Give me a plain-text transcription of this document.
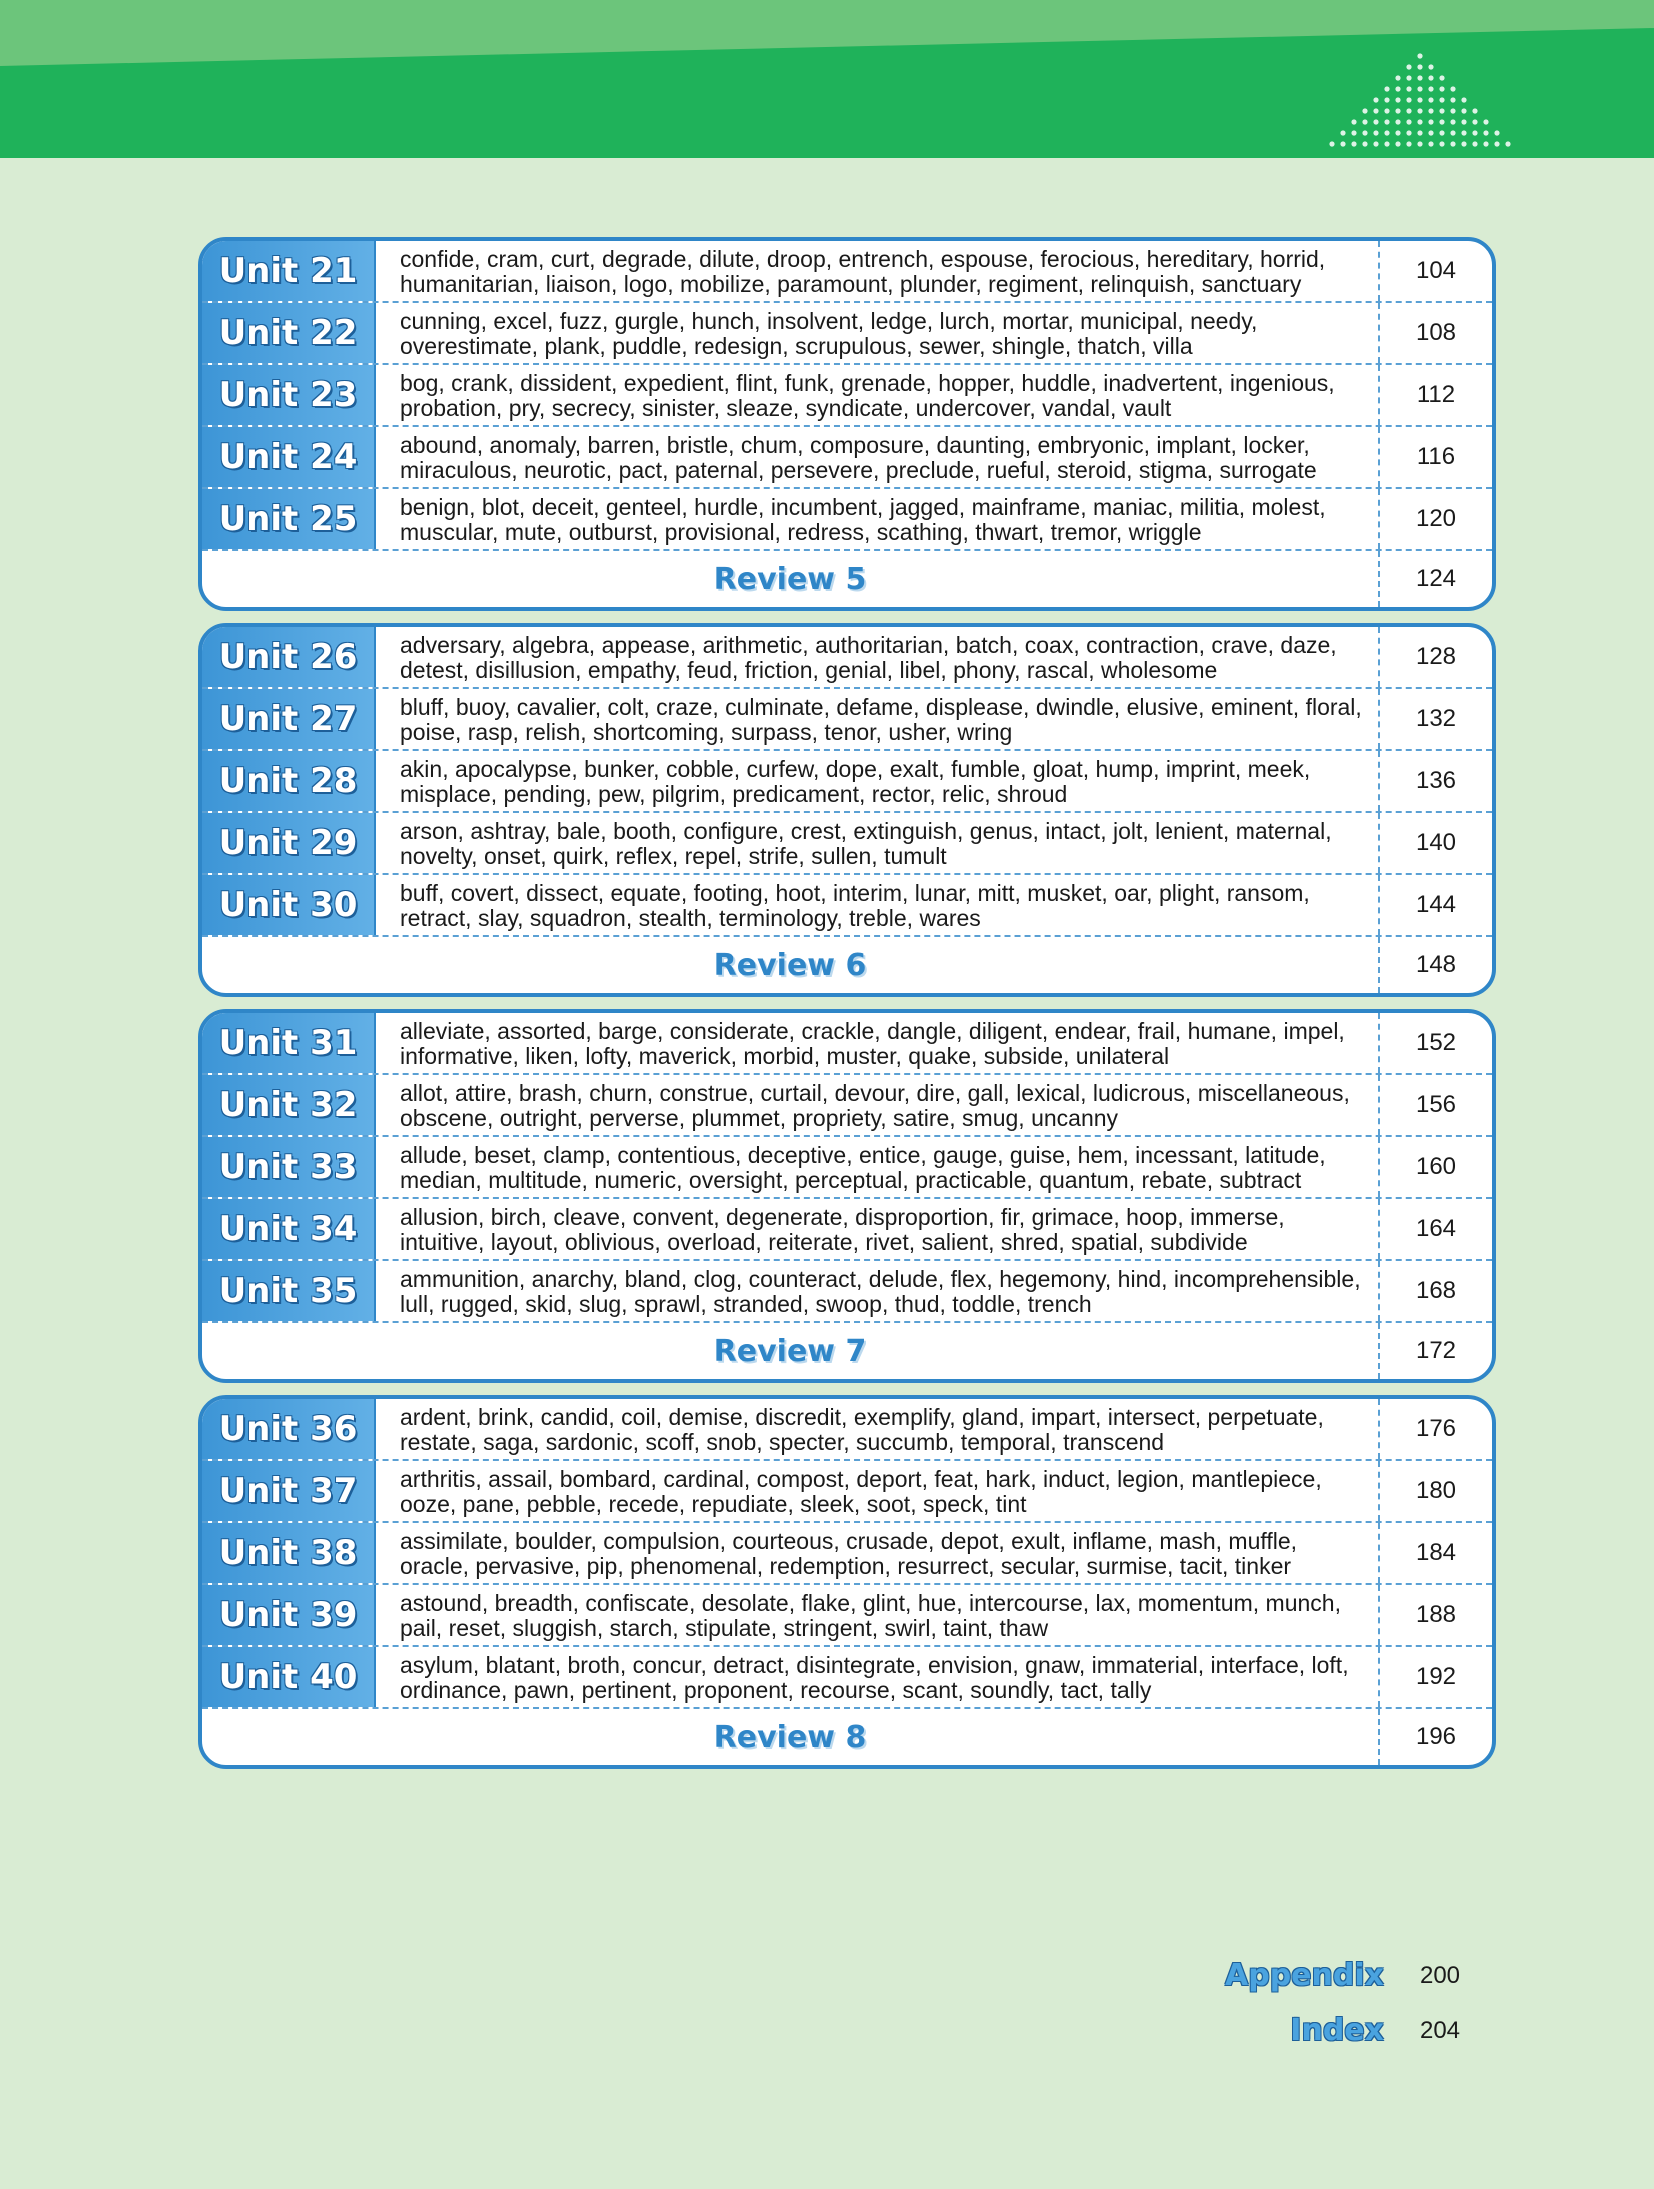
Unit 21	confide, cram, curt, degrade, dilute, droop, entrench, espouse, ferocious, hereditary, horrid, humanitarian, liaison, logo, mobilize, paramount, plunder, regiment, relinquish, sanctuary	104
Unit 22	cunning, excel, fuzz, gurgle, hunch, insolvent, ledge, lurch, mortar, municipal, needy, overestimate, plank, puddle, redesign, scrupulous, sewer, shingle, thatch, villa	108
Unit 23	bog, crank, dissident, expedient, flint, funk, grenade, hopper, huddle, inadvertent, ingenious, probation, pry, secrecy, sinister, sleaze, syndicate, undercover, vandal, vault	112
Unit 24	abound, anomaly, barren, bristle, chum, composure, daunting, embryonic, implant, locker, miraculous, neurotic, pact, paternal, persevere, preclude, rueful, steroid, stigma, surrogate	116
Unit 25	benign, blot, deceit, genteel, hurdle, incumbent, jagged, mainframe, maniac, militia, molest, muscular, mute, outburst, provisional, redress, scathing, thwart, tremor, wriggle	120
Review 5	124
Unit 26	adversary, algebra, appease, arithmetic, authoritarian, batch, coax, contraction, crave, daze, detest, disillusion, empathy, feud, friction, genial, libel, phony, rascal, wholesome	128
Unit 27	bluff, buoy, cavalier, colt, craze, culminate, defame, displease, dwindle, elusive, eminent, floral, poise, rasp, relish, shortcoming, surpass, tenor, usher, wring	132
Unit 28	akin, apocalypse, bunker, cobble, curfew, dope, exalt, fumble, gloat, hump, imprint, meek, misplace, pending, pew, pilgrim, predicament, rector, relic, shroud	136
Unit 29	arson, ashtray, bale, booth, configure, crest, extinguish, genus, intact, jolt, lenient, maternal, novelty, onset, quirk, reflex, repel, strife, sullen, tumult	140
Unit 30	buff, covert, dissect, equate, footing, hoot, interim, lunar, mitt, musket, oar, plight, ransom, retract, slay, squadron, stealth, terminology, treble, wares	144
Review 6	148
Unit 31	alleviate, assorted, barge, considerate, crackle, dangle, diligent, endear, frail, humane, impel, informative, liken, lofty, maverick, morbid, muster, quake, subside, unilateral	152
Unit 32	allot, attire, brash, churn, construe, curtail, devour, dire, gall, lexical, ludicrous, miscellaneous, obscene, outright, perverse, plummet, propriety, satire, smug, uncanny	156
Unit 33	allude, beset, clamp, contentious, deceptive, entice, gauge, guise, hem, incessant, latitude, median, multitude, numeric, oversight, perceptual, practicable, quantum, rebate, subtract	160
Unit 34	allusion, birch, cleave, convent, degenerate, disproportion, fir, grimace, hoop, immerse, intuitive, layout, oblivious, overload, reiterate, rivet, salient, shred, spatial, subdivide	164
Unit 35	ammunition, anarchy, bland, clog, counteract, delude, flex, hegemony, hind, incomprehensible, lull, rugged, skid, slug, sprawl, stranded, swoop, thud, toddle, trench	168
Review 7	172
Unit 36	ardent, brink, candid, coil, demise, discredit, exemplify, gland, impart, intersect, perpetuate, restate, saga, sardonic, scoff, snob, specter, succumb, temporal, transcend	176
Unit 37	arthritis, assail, bombard, cardinal, compost, deport, feat, hark, induct, legion, mantlepiece, ooze, pane, pebble, recede, repudiate, sleek, soot, speck, tint	180
Unit 38	assimilate, boulder, compulsion, courteous, crusade, depot, exult, inflame, mash, muffle, oracle, pervasive, pip, phenomenal, redemption, resurrect, secular, surmise, tacit, tinker	184
Unit 39	astound, breadth, confiscate, desolate, flake, glint, hue, intercourse, lax, momentum, munch, pail, reset, sluggish, starch, stipulate, stringent, swirl, taint, thaw	188
Unit 40	asylum, blatant, broth, concur, detract, disintegrate, envision, gnaw, immaterial, interface, loft, ordinance, pawn, pertinent, proponent, recourse, scant, soundly, tact, tally	192
Review 8	196
Appendix	200
Index	204
